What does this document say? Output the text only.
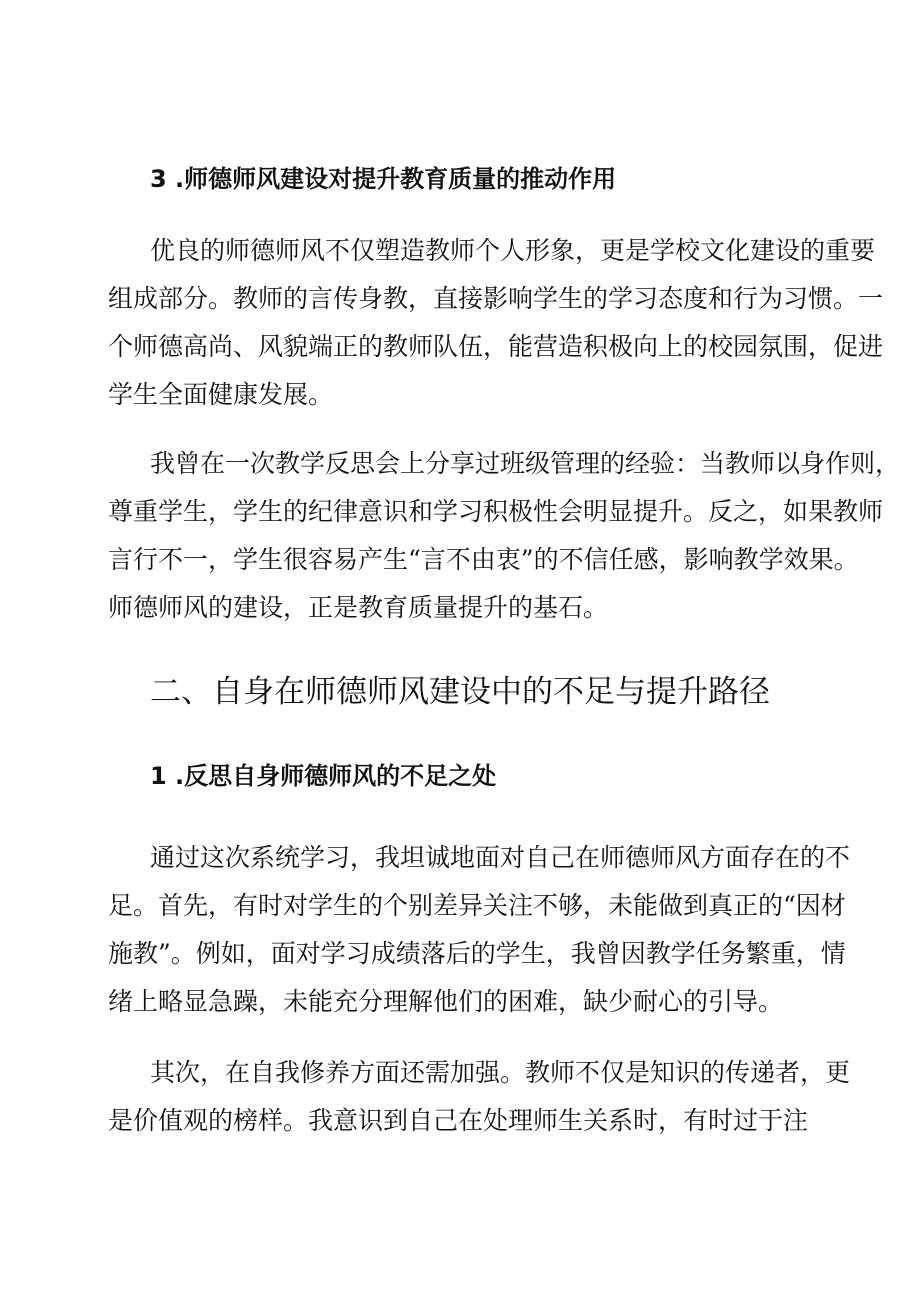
3 .师德师风建设对提升教育质量的推动作用
优良的师德师风不仅塑造教师个人形象，更是学校文化建设的重要
组成部分。教师的言传身教，直接影响学生的学习态度和行为习惯。一
个师德高尚、风貌端正的教师队伍，能营造积极向上的校园氛围，促进
学生全面健康发展。
我曾在一次教学反思会上分享过班级管理的经验：当教师以身作则，
尊重学生，学生的纪律意识和学习积极性会明显提升。反之，如果教师
言行不一，学生很容易产生“言不由衷”的不信任感，影响教学效果。
师德师风的建设，正是教育质量提升的基石。
二、自身在师德师风建设中的不足与提升路径
1 .反思自身师德师风的不足之处
通过这次系统学习，我坦诚地面对自己在师德师风方面存在的不
足。首先，有时对学生的个别差异关注不够，未能做到真正的“因材
施教”。例如，面对学习成绩落后的学生，我曾因教学任务繁重，情
绪上略显急躁，未能充分理解他们的困难，缺少耐心的引导。
其次，在自我修养方面还需加强。教师不仅是知识的传递者，更
是价值观的榜样。我意识到自己在处理师生关系时，有时过于注
